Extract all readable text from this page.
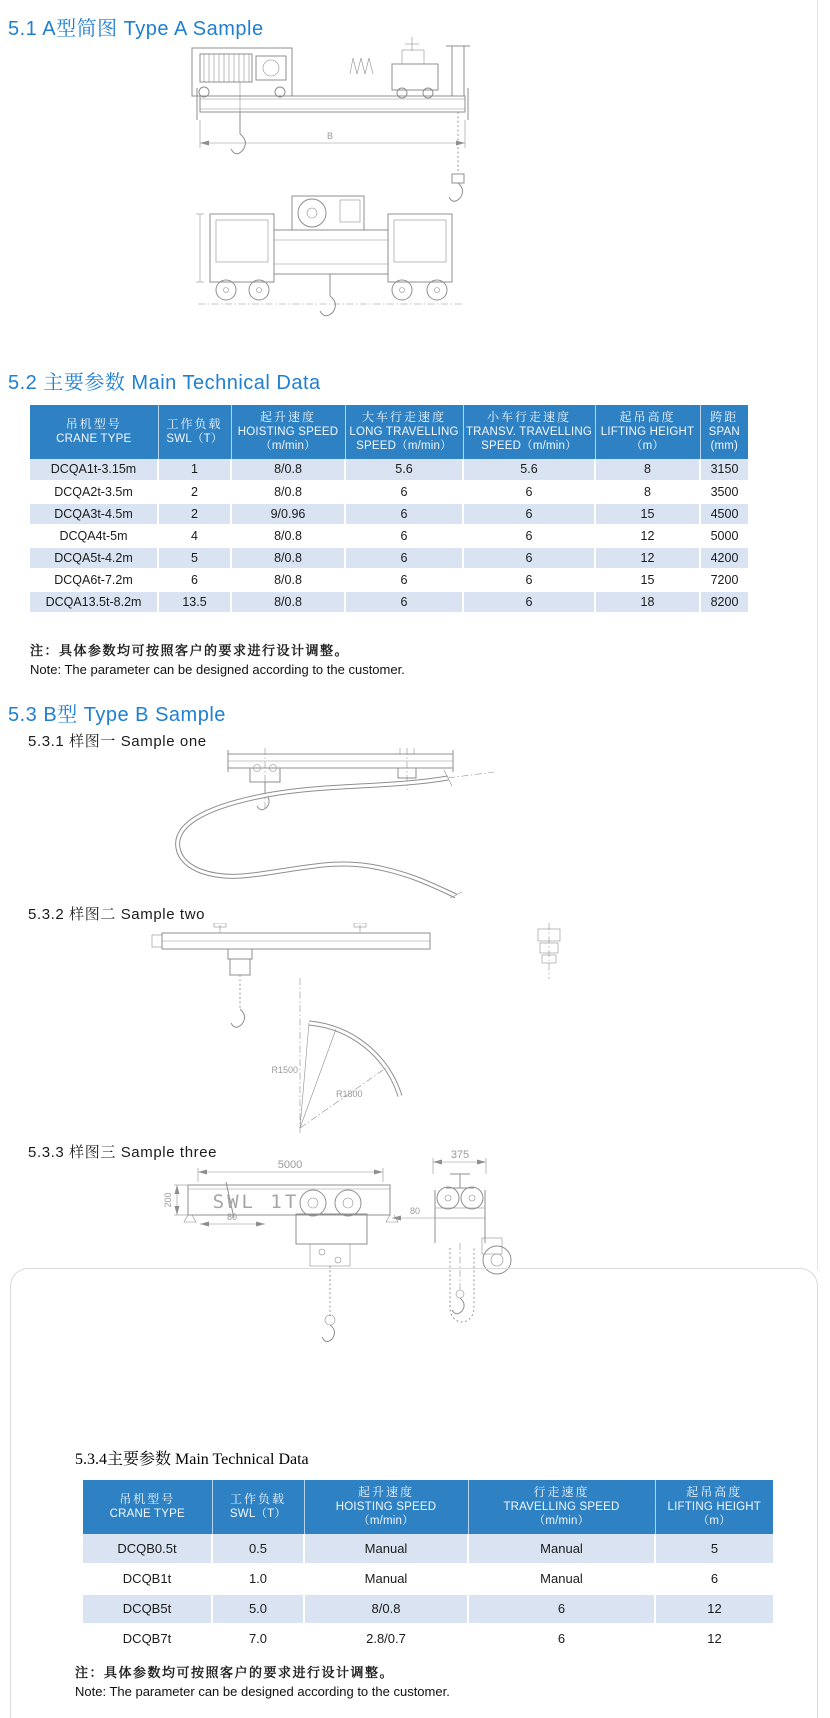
5.1 A型简图 Type A Sample
B
5.2 主要参数 Main Technical Data
吊机型号
CRANE TYPE

工作负载
SWL（T）

起升速度
HOISTING SPEED
（m/min）

大车行走速度
LONG TRAVELLING
SPEED（m/min）

小车行走速度
TRANSV. TRAVELLING
SPEED（m/min）

起吊高度
LIFTING HEIGHT
（m）

跨距
SPAN
(mm)

DCQA1t-3.15m	1	8/0.8	5.6	5.6	8	3150
DCQA2t-3.5m	2	8/0.8	6	6	8	3500
DCQA3t-4.5m	2	9/0.96	6	6	15	4500
DCQA4t-5m	4	8/0.8	6	6	12	5000
DCQA5t-4.2m	5	8/0.8	6	6	12	4200
DCQA6t-7.2m	6	8/0.8	6	6	15	7200
DCQA13.5t-8.2m	13.5	8/0.8	6	6	18	8200
注：具体参数均可按照客户的要求进行设计调整。
Note: The parameter can be designed according to the customer.
5.3 B型 Type B Sample
5.3.1 样图一 Sample one
5.3.2 样图二 Sample two
R1500
R1800
5.3.3 样图三 Sample three
5000
SWL 1T
200
80
80
375
5.3.4主要参数 Main Technical Data
吊机型号
CRANE TYPE

工作负载
SWL（T）

起升速度
HOISTING SPEED
（m/min）

行走速度
TRAVELLING SPEED
（m/min）

起吊高度
LIFTING HEIGHT
（m）

DCQB0.5t	0.5	Manual	Manual	5
DCQB1t	1.0	Manual	Manual	6
DCQB5t	5.0	8/0.8	6	12
DCQB7t	7.0	2.8/0.7	6	12
注：具体参数均可按照客户的要求进行设计调整。
Note: The parameter can be designed according to the customer.
